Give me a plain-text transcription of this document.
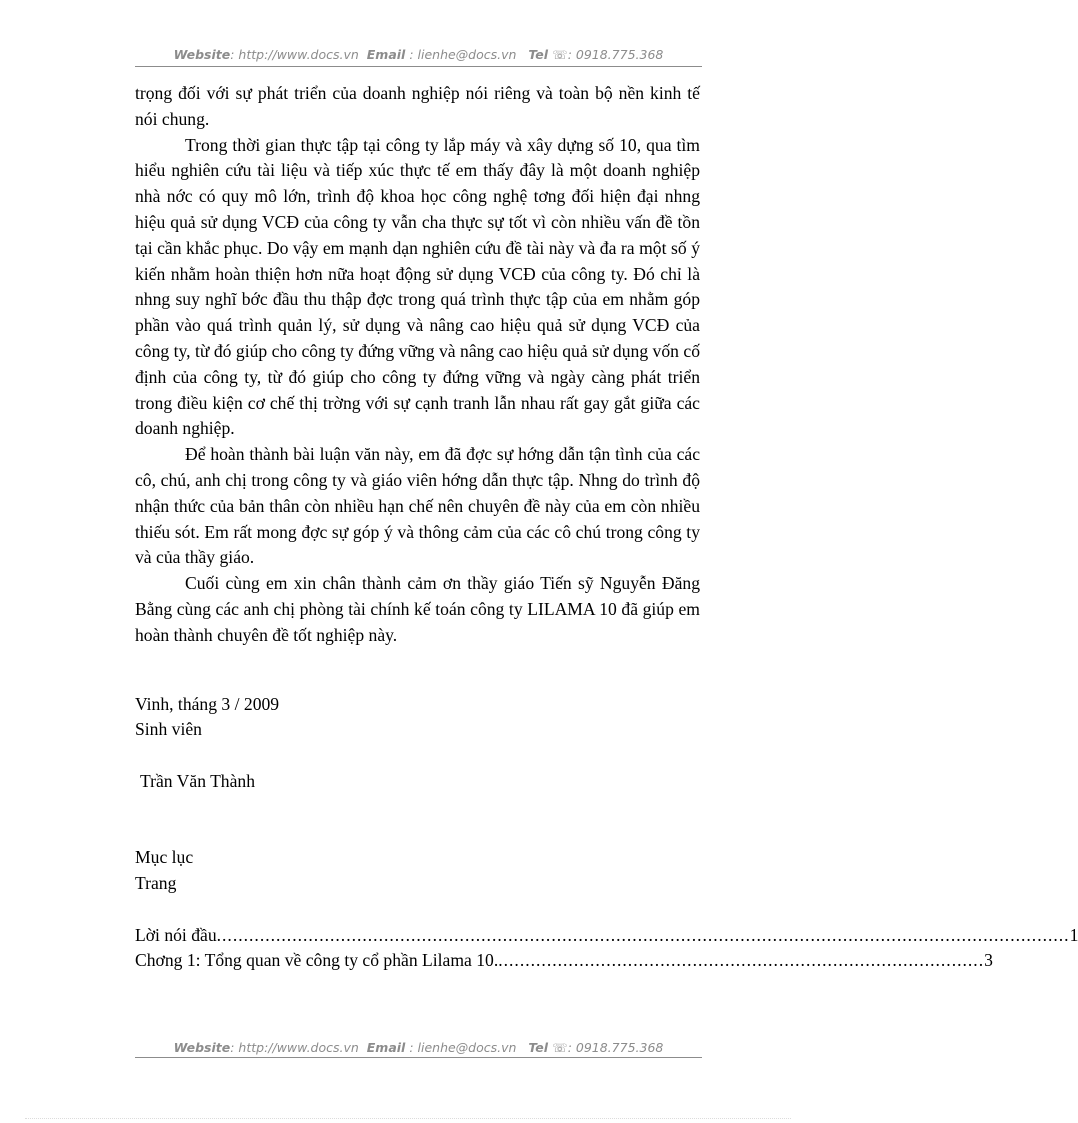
Website: http://www.docs.vn Email : lienhe@docs.vn Tel ☏: 0918.775.368

trọng đối với sự phát triển của doanh nghiệp nói riêng và toàn bộ nền kinh tế nói chung.

Trong thời gian thực tập tại công ty lắp máy và xây dựng số 10, qua tìm hiểu nghiên cứu tài liệu và tiếp xúc thực tế em thấy đây là một doanh nghiệp nhà nớc có quy mô lớn, trình độ khoa học công nghệ tơng đối hiện đại nhng hiệu quả sử dụng VCĐ của công ty vẫn cha thực sự tốt vì còn nhiều vấn đề tồn tại cần khắc phục. Do vậy em mạnh dạn nghiên cứu đề tài này và đa ra một số ý kiến nhằm hoàn thiện hơn nữa hoạt động sử dụng VCĐ của công ty. Đó chỉ là nhng suy nghĩ bớc đầu thu thập đợc trong quá trình thực tập của em nhằm góp phần vào quá trình quản lý, sử dụng và nâng cao hiệu quả sử dụng VCĐ của công ty, từ đó giúp cho công ty đứng vững và nâng cao hiệu quả sử dụng vốn cố định của công ty, từ đó giúp cho công ty đứng vững và ngày càng phát triển trong điều kiện cơ chế thị trờng với sự cạnh tranh lẫn nhau rất gay gắt giữa các doanh nghiệp.

Để hoàn thành bài luận văn này, em đã đợc sự hớng dẫn tận tình của các cô, chú, anh chị trong công ty và giáo viên hớng dẫn thực tập. Nhng do trình độ nhận thức của bản thân còn nhiều hạn chế nên chuyên đề này của em còn nhiều thiếu sót. Em rất mong đợc sự góp ý và thông cảm của các cô chú trong công ty và của thầy giáo.

Cuối cùng em xin chân thành cảm ơn thầy giáo Tiến sỹ Nguyễn Đăng Bằng cùng các anh chị phòng tài chính kế toán công ty LILAMA 10 đã giúp em hoàn thành chuyên đề tốt nghiệp này.

Vinh, tháng 3 / 2009
Sinh viên
Trần Văn Thành
Mục lục
Trang
Lời nói đầu .............................................................................................................................................................. 1
Chơng 1: Tổng quan về công ty cổ phần Lilama 10. .......................................................................................... 3
Website: http://www.docs.vn Email : lienhe@docs.vn Tel ☏: 0918.775.368
